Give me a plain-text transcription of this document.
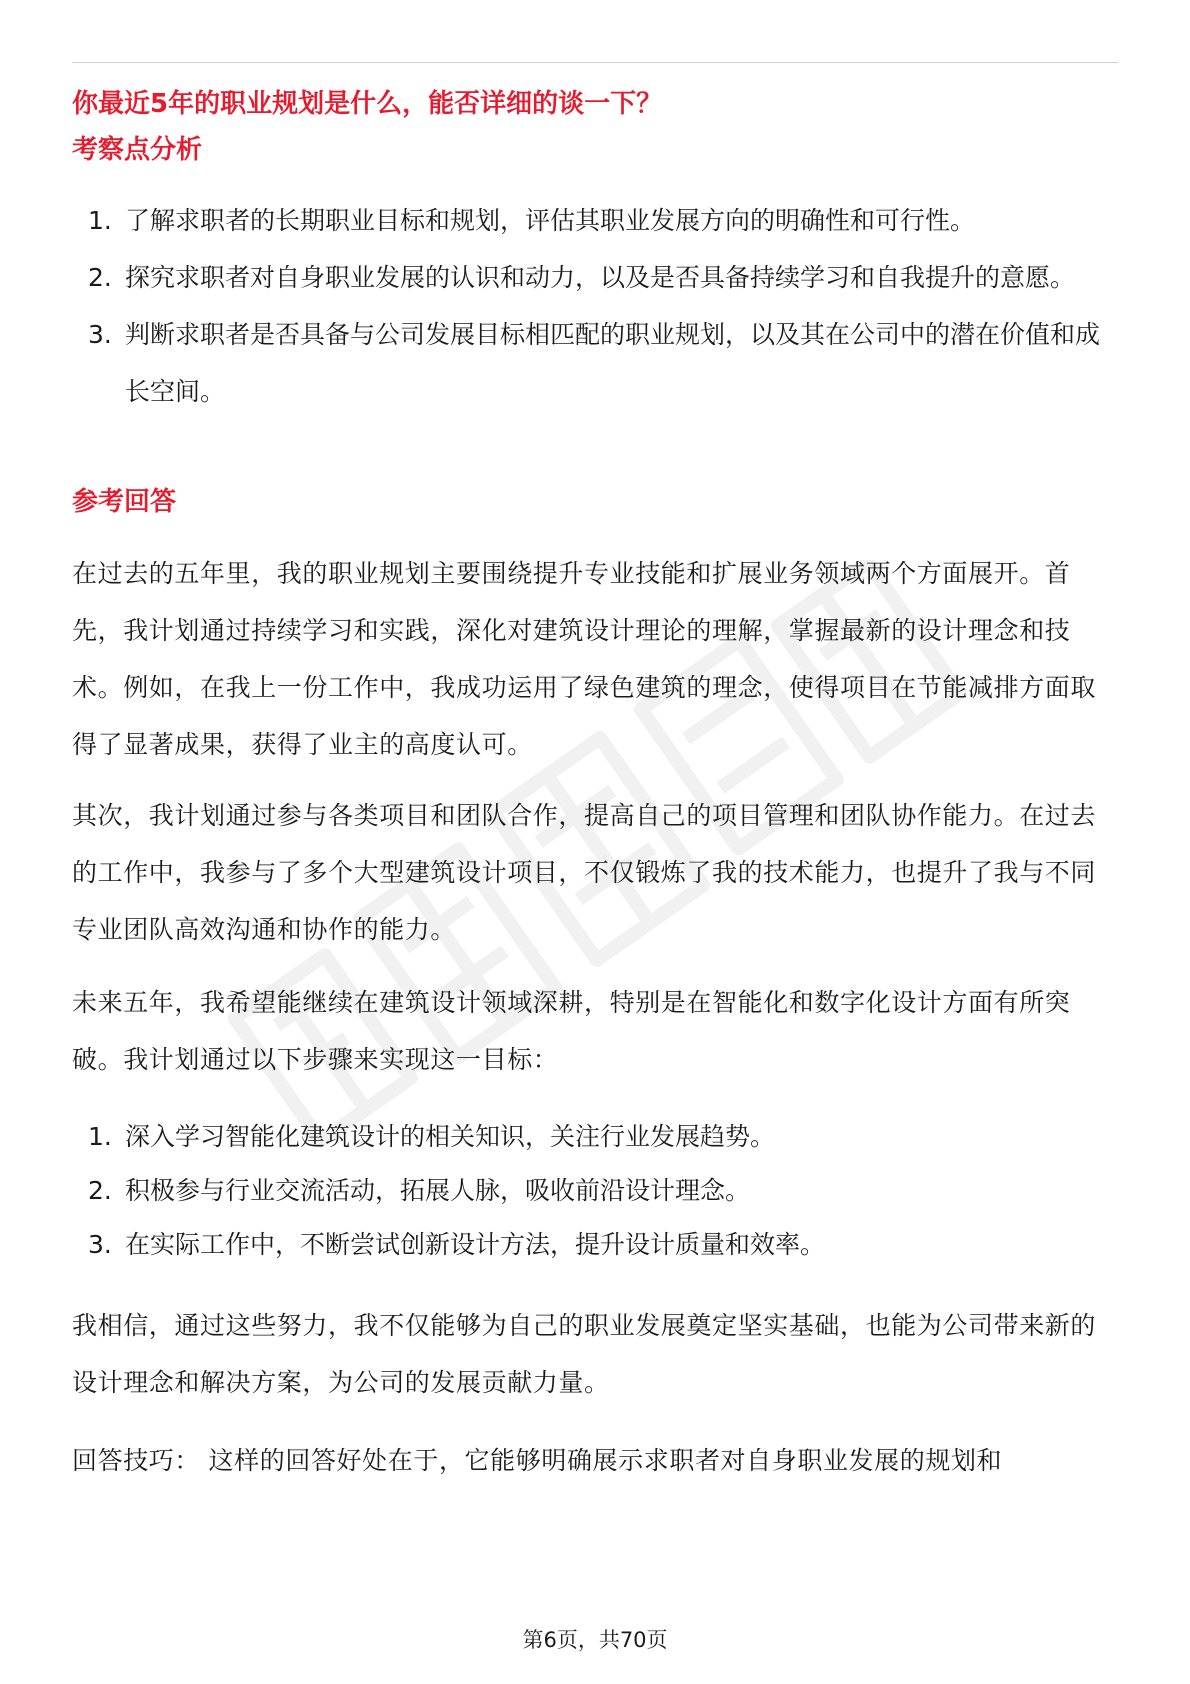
你最近5年的职业规划是什么，能否详细的谈一下？
考察点分析
1. 了解求职者的长期职业目标和规划，评估其职业发展方向的明确性和可行性。
2. 探究求职者对自身职业发展的认识和动力，以及是否具备持续学习和自我提升的意愿。
3. 判断求职者是否具备与公司发展目标相匹配的职业规划，以及其在公司中的潜在价值和成长空间。
参考回答

在过去的五年里，我的职业规划主要围绕提升专业技能和扩展业务领域两个方面展开。首先，我计划通过持续学习和实践，深化对建筑设计理论的理解，掌握最新的设计理念和技术。例如，在我上一份工作中，我成功运用了绿色建筑的理念，使得项目在节能减排方面取得了显著成果，获得了业主的高度认可。

其次，我计划通过参与各类项目和团队合作，提高自己的项目管理和团队协作能力。在过去的工作中，我参与了多个大型建筑设计项目，不仅锻炼了我的技术能力，也提升了我与不同专业团队高效沟通和协作的能力。

未来五年，我希望能继续在建筑设计领域深耕，特别是在智能化和数字化设计方面有所突破。我计划通过以下步骤来实现这一目标：

1. 深入学习智能化建筑设计的相关知识，关注行业发展趋势。
2. 积极参与行业交流活动，拓展人脉，吸收前沿设计理念。
3. 在实际工作中，不断尝试创新设计方法，提升设计质量和效率。

我相信，通过这些努力，我不仅能够为自己的职业发展奠定坚实基础，也能为公司带来新的设计理念和解决方案，为公司的发展贡献力量。

回答技巧： 这样的回答好处在于，它能够明确展示求职者对自身职业发展的规划和

第6页，共70页
